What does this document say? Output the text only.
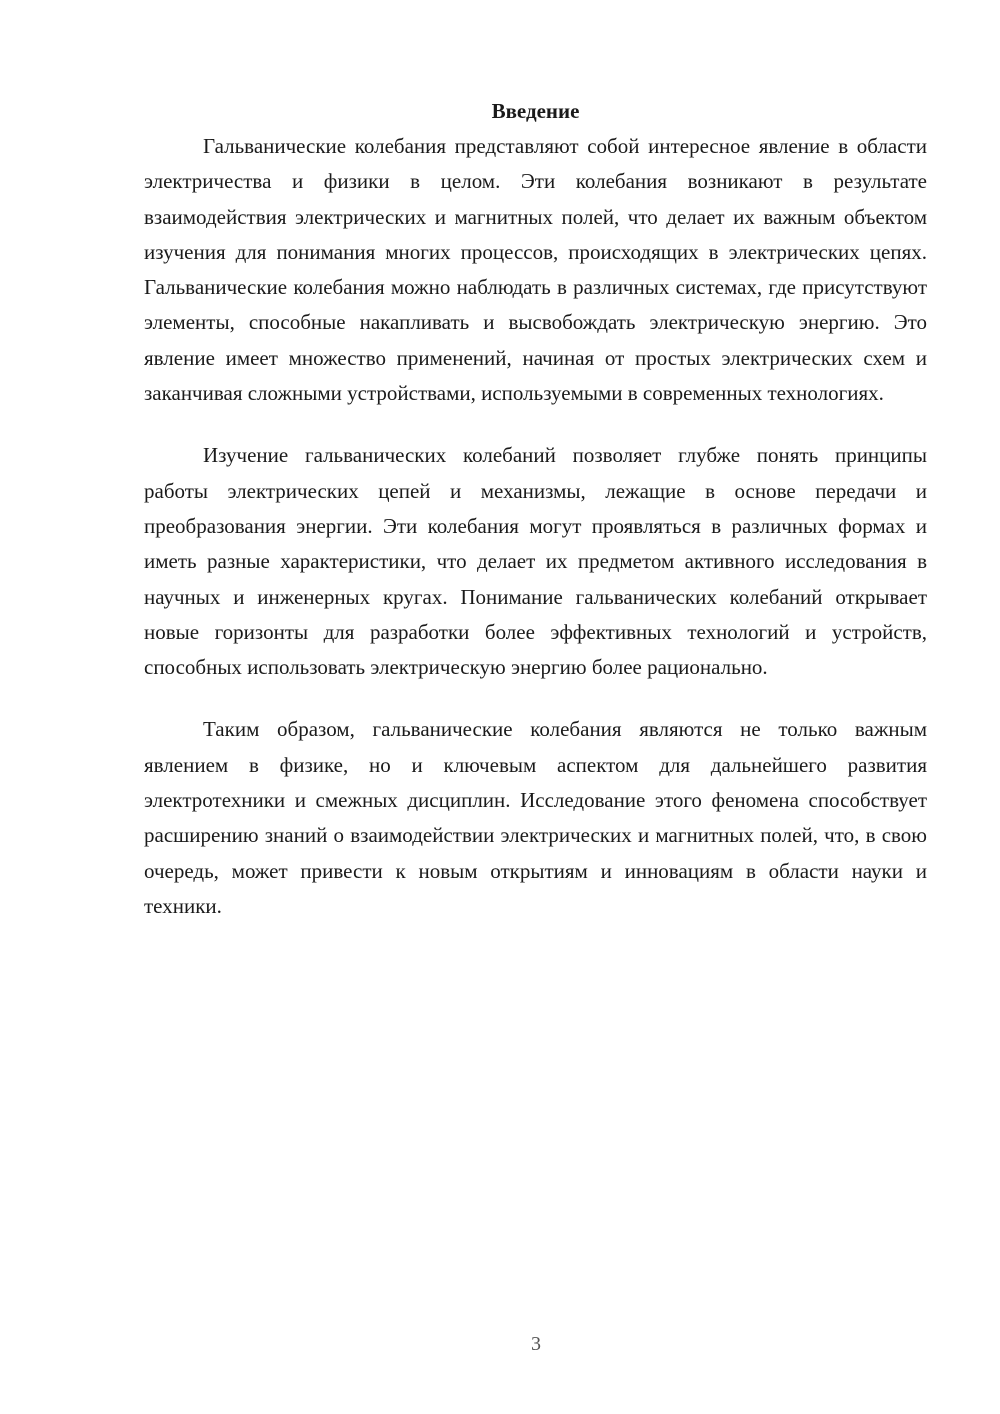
Введение

Гальванические колебания представляют собой интересное явление в области электричества и физики в целом. Эти колебания возникают в результате взаимодействия электрических и магнитных полей, что делает их важным объектом изучения для понимания многих процессов, происходящих в электрических цепях. Гальванические колебания можно наблюдать в различных системах, где присутствуют элементы, способные накапливать и высвобождать электрическую энергию. Это явление имеет множество применений, начиная от простых электрических схем и заканчивая сложными устройствами, используемыми в современных технологиях.

Изучение гальванических колебаний позволяет глубже понять принципы работы электрических цепей и механизмы, лежащие в основе передачи и преобразования энергии. Эти колебания могут проявляться в различных формах и иметь разные характеристики, что делает их предметом активного исследования в научных и инженерных кругах. Понимание гальванических колебаний открывает новые горизонты для разработки более эффективных технологий и устройств, способных использовать электрическую энергию более рационально.

Таким образом, гальванические колебания являются не только важным явлением в физике, но и ключевым аспектом для дальнейшего развития электротехники и смежных дисциплин. Исследование этого феномена способствует расширению знаний о взаимодействии электрических и магнитных полей, что, в свою очередь, может привести к новым открытиям и инновациям в области науки и техники.

3
